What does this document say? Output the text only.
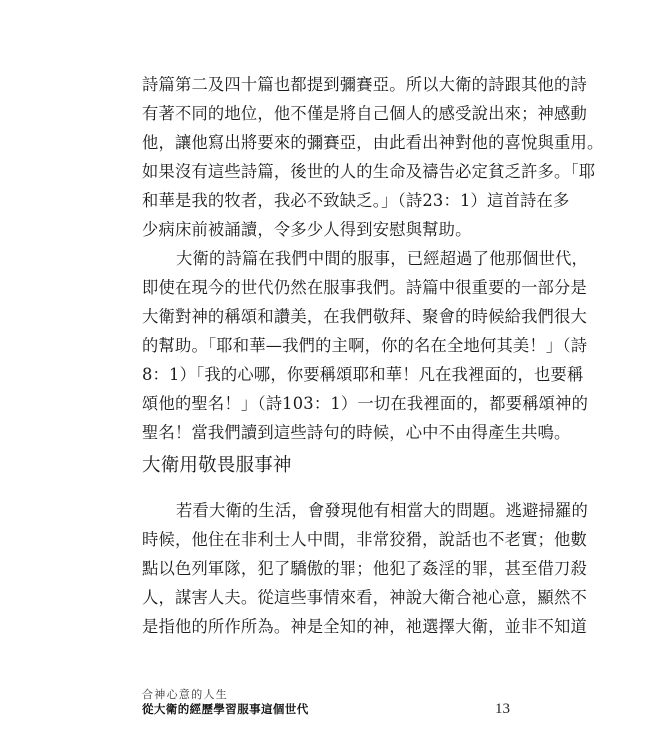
詩篇第二及四十篇也都提到彌賽亞。所以大衛的詩跟其他的詩
有著不同的地位，他不僅是將自己個人的感受說出來；神感動
他，讓他寫出將要來的彌賽亞，由此看出神對他的喜悅與重用。
如果沒有這些詩篇，後世的人的生命及禱告必定貧乏許多。「耶
和華是我的牧者，我必不致缺乏。」（詩23：1）這首詩在多
少病床前被誦讀，令多少人得到安慰與幫助。
大衛的詩篇在我們中間的服事，已經超過了他那個世代，
即使在現今的世代仍然在服事我們。詩篇中很重要的一部分是
大衛對神的稱頌和讚美，在我們敬拜、聚會的時候給我們很大
的幫助。「耶和華—我們的主啊，你的名在全地何其美！」（詩
8：1）「我的心哪，你要稱頌耶和華！凡在我裡面的，也要稱
頌他的聖名！」（詩103：1）一切在我裡面的，都要稱頌神的
聖名！當我們讀到這些詩句的時候，心中不由得產生共鳴。
大衛用敬畏服事神
若看大衛的生活，會發現他有相當大的問題。逃避掃羅的
時候，他住在非利士人中間，非常狡猾，說話也不老實；他數
點以色列軍隊，犯了驕傲的罪；他犯了姦淫的罪，甚至借刀殺
人，謀害人夫。從這些事情來看，神說大衛合祂心意，顯然不
是指他的所作所為。神是全知的神，祂選擇大衛，並非不知道
合神心意的人生
從大衛的經歷學習服事這個世代	13
